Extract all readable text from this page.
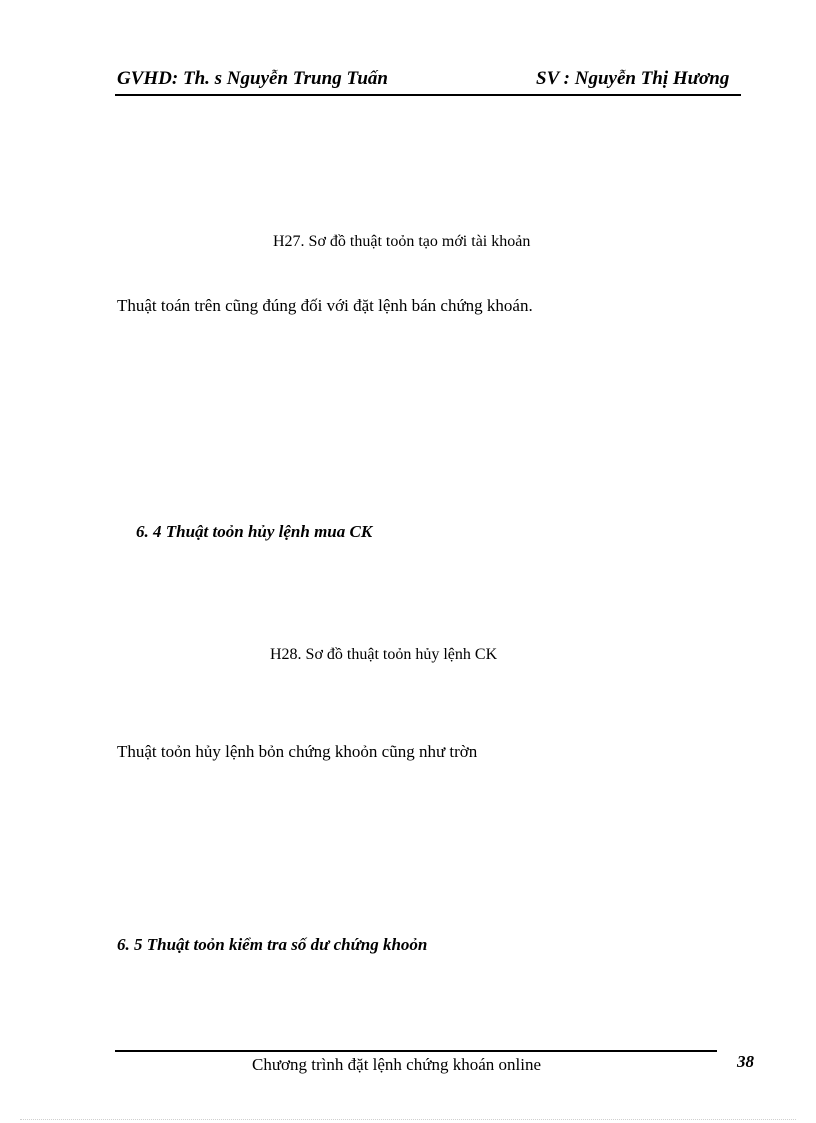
GVHD: Th. s Nguyễn Trung Tuấn	SV : Nguyễn Thị Hương
H27. Sơ đồ thuật toỏn tạo mới tài khoản
Thuật toán trên cũng đúng đối với đặt lệnh bán chứng khoán.
6. 4 Thuật toỏn hủy lệnh mua CK
H28. Sơ đồ thuật toỏn hủy lệnh CK
Thuật toỏn hủy lệnh bỏn chứng khoỏn cũng như trờn
6. 5 Thuật toỏn kiểm tra số dư chứng khoỏn
Chương trình đặt lệnh chứng khoán online	38
